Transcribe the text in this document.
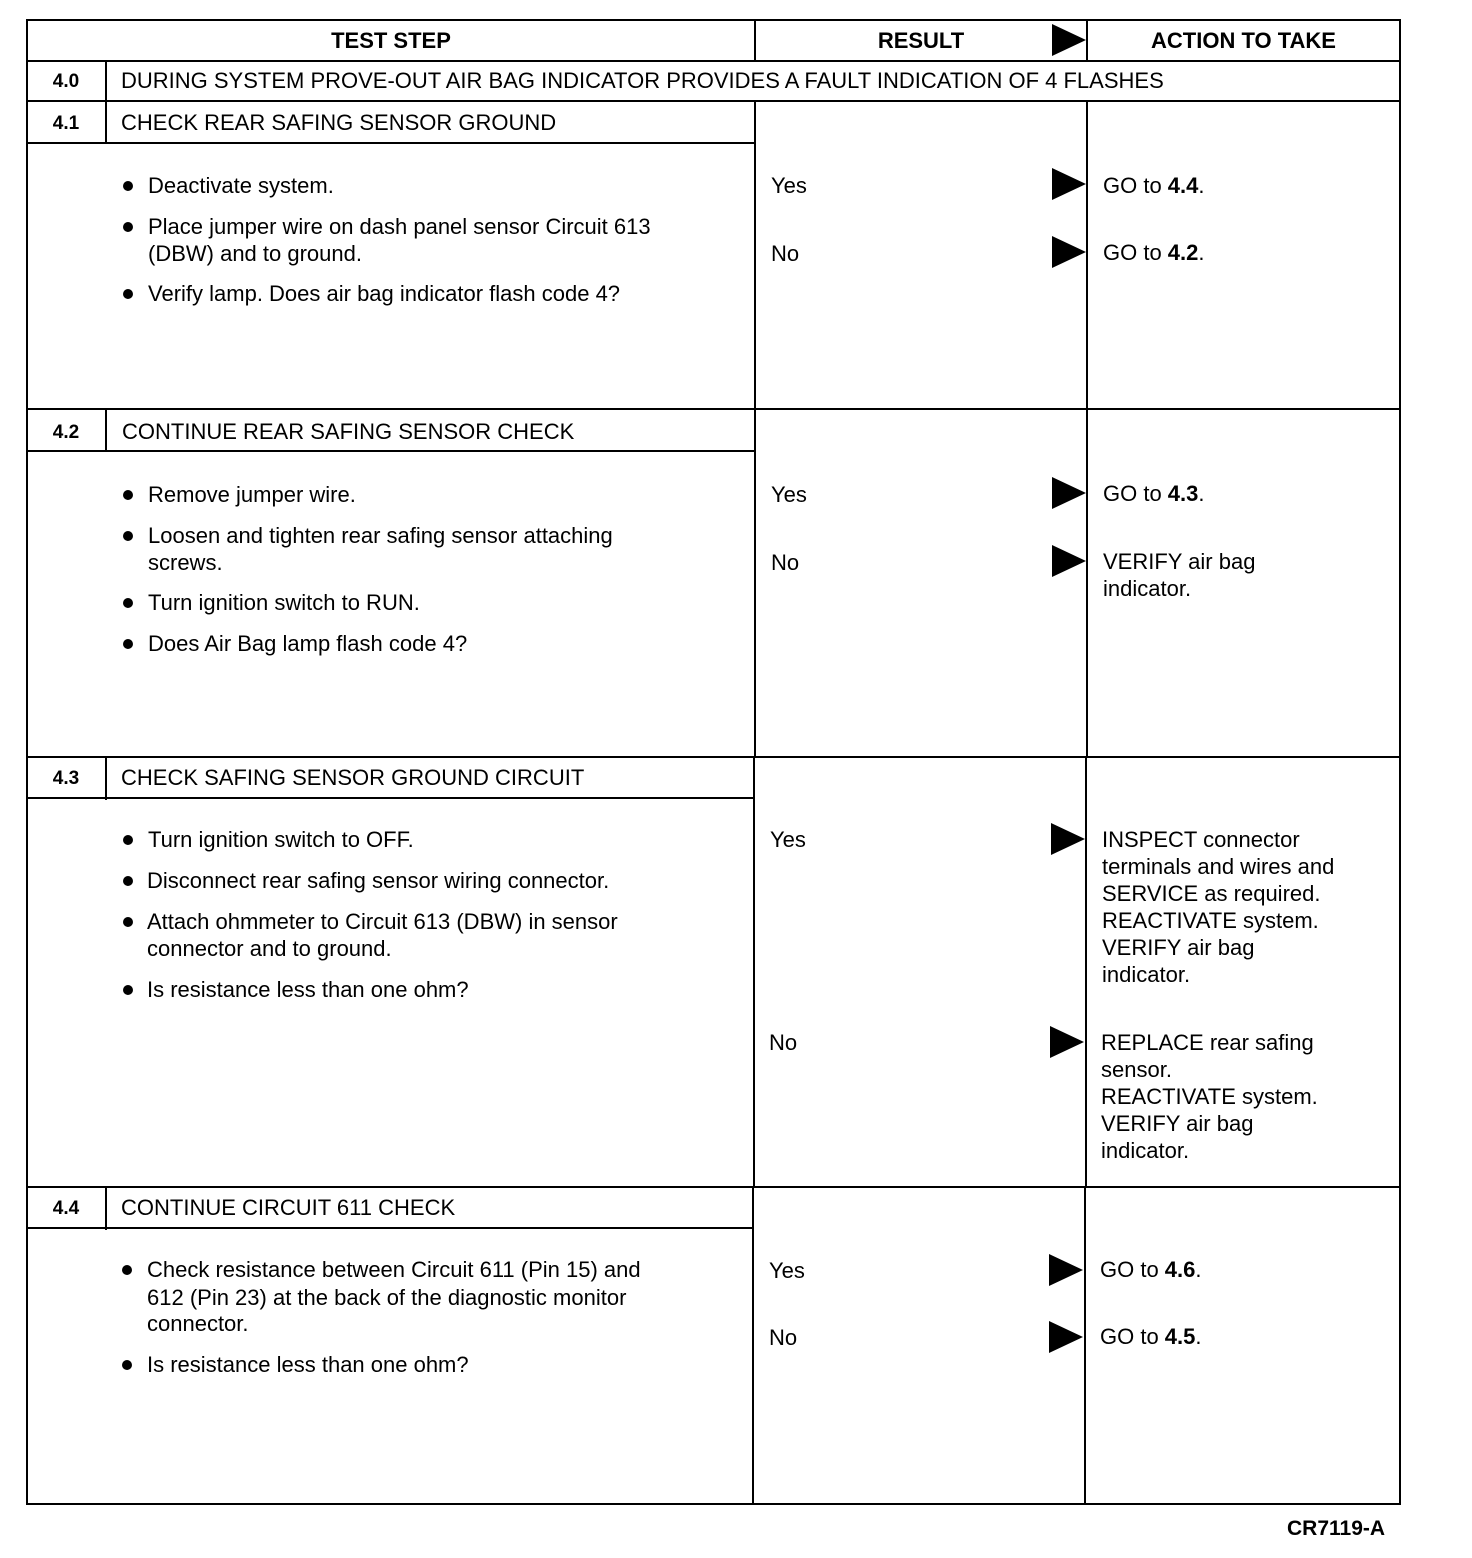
TEST STEP	RESULT	ACTION TO TAKE
4.0	DURING SYSTEM PROVE-OUT AIR BAG INDICATOR PROVIDES A FAULT INDICATION OF 4 FLASHES
4.1	CHECK REAR SAFING SENSOR GROUND
Deactivate system.
Place jumper wire on dash panel sensor Circuit 613
(DBW) and to ground.
Verify lamp. Does air bag indicator flash code 4?
Yes	GO to 4.4.
No	GO to 4.2.
4.2	CONTINUE REAR SAFING SENSOR CHECK
Remove jumper wire.
Loosen and tighten rear safing sensor attaching
screws.
Turn ignition switch to RUN.
Does Air Bag lamp flash code 4?
Yes	GO to 4.3.
No	VERIFY air bag
indicator.
4.3	CHECK SAFING SENSOR GROUND CIRCUIT
Turn ignition switch to OFF.
Disconnect rear safing sensor wiring connector.
Attach ohmmeter to Circuit 613 (DBW) in sensor
connector and to ground.
Is resistance less than one ohm?
Yes	INSPECT connector
terminals and wires and
SERVICE as required.
REACTIVATE system.
VERIFY air bag
indicator.
No	REPLACE rear safing
sensor.
REACTIVATE system.
VERIFY air bag
indicator.
4.4	CONTINUE CIRCUIT 611 CHECK
Check resistance between Circuit 611 (Pin 15) and
612 (Pin 23) at the back of the diagnostic monitor
connector.
Is resistance less than one ohm?
Yes	GO to 4.6.
No	GO to 4.5.
CR7119-A
